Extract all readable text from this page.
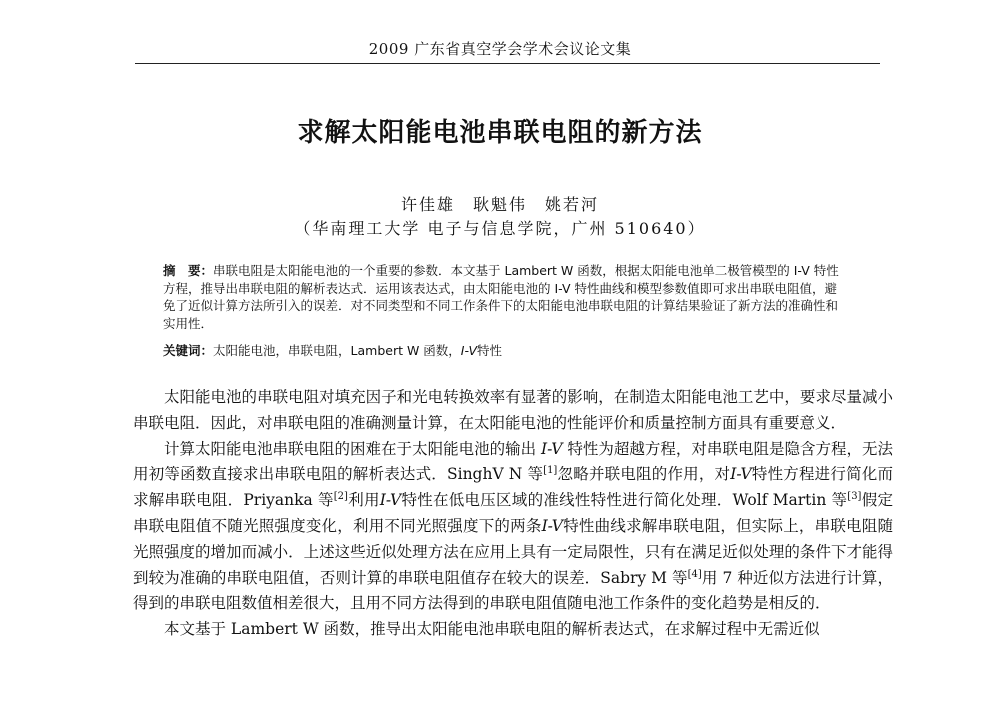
2009 广东省真空学会学术会议论文集
求解太阳能电池串联电阻的新方法
许佳雄　耿魁伟　姚若河
（华南理工大学 电子与信息学院，广州 510640）
摘　要：串联电阻是太阳能电池的一个重要的参数．本文基于 Lambert W 函数，根据太阳能电池单二极管模型的 I-V 特性方程，推导出串联电阻的解析表达式．运用该表达式，由太阳能电池的 I-V 特性曲线和模型参数值即可求出串联电阻值，避免了近似计算方法所引入的误差．对不同类型和不同工作条件下的太阳能电池串联电阻的计算结果验证了新方法的准确性和实用性．
关键词：太阳能电池，串联电阻，Lambert W 函数，I-V特性

太阳能电池的串联电阻对填充因子和光电转换效率有显著的影响，在制造太阳能电池工艺中，要求尽量减小串联电阻．因此，对串联电阻的准确测量计算，在太阳能电池的性能评价和质量控制方面具有重要意义．

计算太阳能电池串联电阻的困难在于太阳能电池的输出 I-V 特性为超越方程，对串联电阻是隐含方程，无法用初等函数直接求出串联电阻的解析表达式．SinghV N 等[1]忽略并联电阻的作用，对I-V特性方程进行简化而求解串联电阻．Priyanka 等[2]利用I-V特性在低电压区域的准线性特性进行简化处理．Wolf Martin 等[3]假定串联电阻值不随光照强度变化，利用不同光照强度下的两条I-V特性曲线求解串联电阻，但实际上，串联电阻随光照强度的增加而减小．上述这些近似处理方法在应用上具有一定局限性，只有在满足近似处理的条件下才能得到较为准确的串联电阻值，否则计算的串联电阻值存在较大的误差．Sabry M 等[4]用 7 种近似方法进行计算，得到的串联电阻数值相差很大，且用不同方法得到的串联电阻值随电池工作条件的变化趋势是相反的．

本文基于 Lambert W 函数，推导出太阳能电池串联电阻的解析表达式，在求解过程中无需近似
